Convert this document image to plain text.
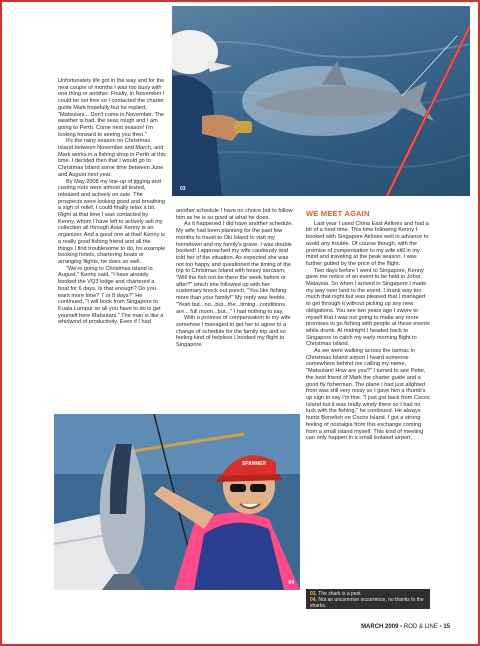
03

Unfortunately life got in the way and for the next couple of months I was too busy with one thing or another. Finally, in November I could be set free so I contacted the charter guide Mark hopefully but he replied, "Matsutani... Don't come in November. The weather is bad, the seas rough and I am going to Perth. Come next season! I'm looking forward to seeing you then."

It's the rainy season on Christmas Island between November and March, and Mark works in a fishing shop in Perth at this time. I decided then that I would go to Christmas Island some time between June and August next year.

By May 2008 my line-up of jigging and casting rods were almost all tested, released and actively on sale. The prospects were looking good and breathing a sigh of relief, I could finally relax a bit. Right at that time I was contacted by Kenny, whom I have left to actively sell my collection all through Asia! Kenny is an organizer. And a good one at that! Kenny is a really good fishing friend and all the things I find troublesome to do, for example booking hotels, chartering boats or arranging flights, he does so well.

"We're going to Christmas island in August," Kenny said, "I have already booked the VQ3 lodge and chartered a boat for 6 days. Is that enough? Do you want more time? 7 or 8 days?" He continued, "I will book from Singapore to Kuala Lumpur so all you have to do is get yourself here Matsutani." The man is like a whirlwind of productivity. Even if I had

another schedule I have no choice but to follow him as he is so good at what he does.

As it happened I did have another schedule. My wife had been planning for the past few months to travel to Oki Island to visit my hometown and my family's grave. I was double booked! I approached my wife cautiously and told her of the situation. As expected she was not too happy and questioned the timing of the trip to Christmas Island with heavy sarcasm, "Will the fish not be there the week before or after?" which she followed up with her customary knock out punch, "You like fishing more than your family!" My reply was feeble, "Yeah but...no...but...the...timing...conditions are... full moon...but..." I had nothing to say.

With a promise of compensation to my wife somehow I managed to get her to agree to a change of schedule for the family trip and so feeling kind of helpless I booked my flight to Singapore.

WE MEET AGAIN

Last year I used China East Airlines and had a bit of a hard time. This time following Kenny I booked with Singapore Airlines well in advance to avoid any trouble. Of course though, with the promise of compensation to my wife still in my mind and traveling at the peak season, I was further gutted by the price of the flight.

Two days before I went to Singapore, Kenny gave me notice of an event to be held in Johor, Malaysia. So when I arrived in Singapore I made my way over land to the event. I drank way too much that night but was pleased that I managed to get through it without picking up any new obligations. You see two years ago I swore to myself that I was not going to make any more promises to go fishing with people at these events while drunk. At midnight I headed back to Singapore to catch my early morning flight to Christmas Island.

As we were walking across the tarmac in Christmas Island airport I heard someone somewhere behind me calling my name, "Matsutani! How are you?" I turned to see Peter, the best friend of Mark the charter guide and a good fly fisherman. The plane I had just alighted from was still very noisy so I gave him a thumb's up sign to say I'm fine. "I just got back from Cocos Island but it was really windy there so I had no luck with the fishing," he continued. He always hunts Bonefish on Cocos Island. I got a strong feeling of nostalgia from this exchange coming from a small island myself. This kind of meeting can only happen in a small isolated airport.

SPANNER
04
03. The shark is a pest.
04. Not an uncommon occurrence, no thanks to the sharks.
MARCH 2009 • ROD & LINE • 15
